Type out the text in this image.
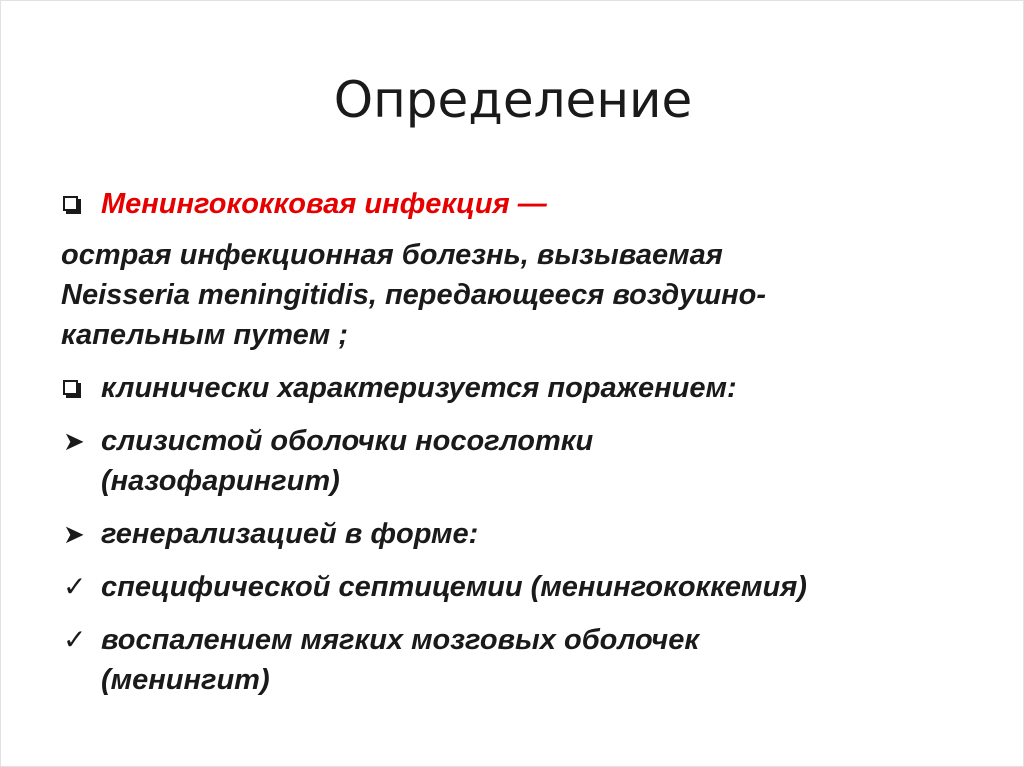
Определение

Менингококковая инфекция —

острая инфекционная болезнь, вызываемая

Neisseria meningitidis, передающееся воздушно-

капельным путем ;

клинически характеризуется поражением:

➤ слизистой оболочки носоглотки

(назофарингит)

➤ генерализацией в форме:

✓ специфической септицемии (менингококкемия)

✓ воспалением мягких мозговых оболочек

(менингит)
